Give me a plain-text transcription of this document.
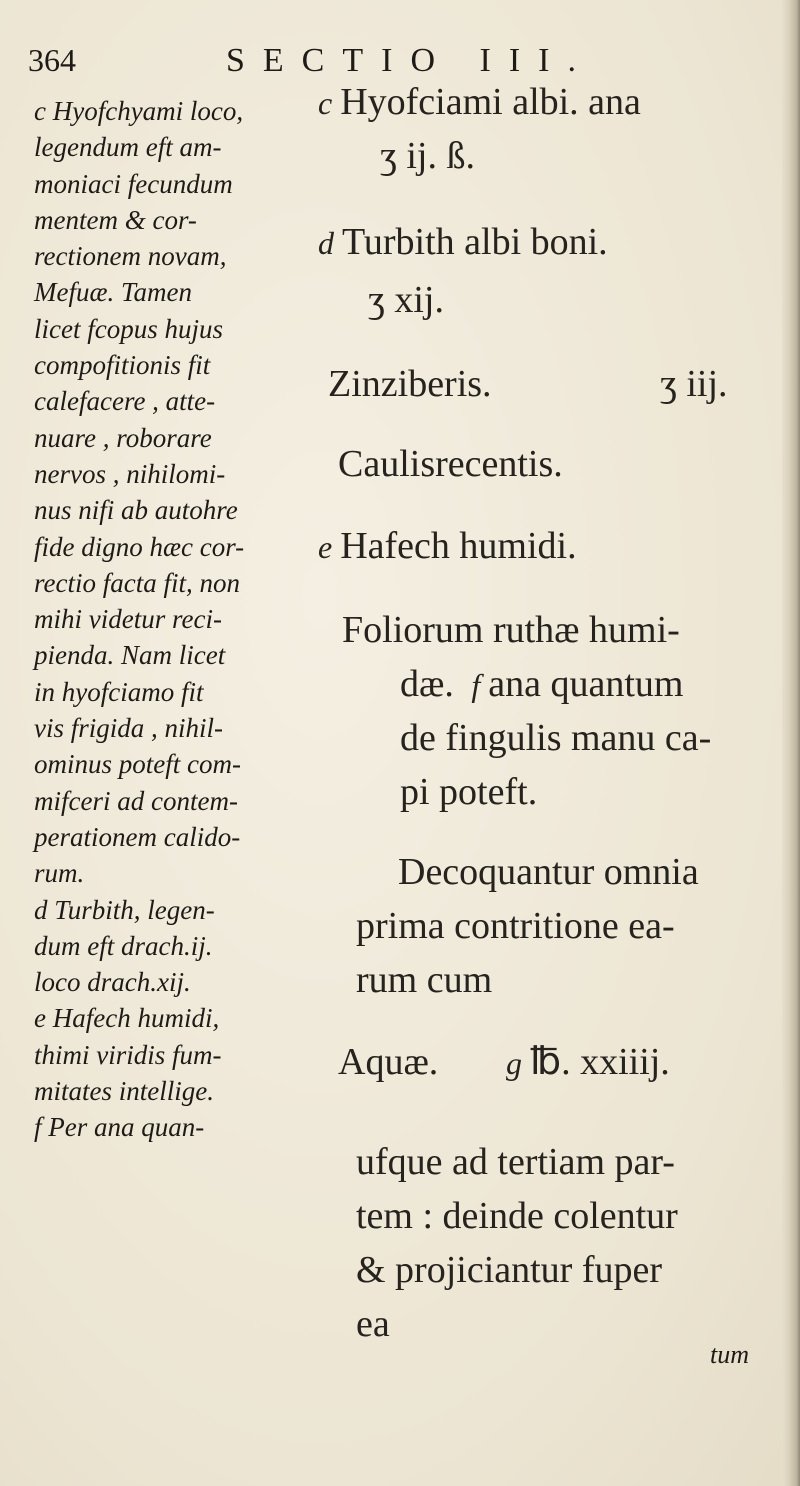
364	SECTIO III.
c Hyofchyami loco,
legendum eft am-
moniaci fecundum
mentem & cor-
rectionem novam,
Mefuæ. Tamen
licet fcopus hujus
compofitionis fit
calefacere , atte-
nuare , roborare
nervos , nihilomi-
nus nifi ab autohre
fide digno hæc cor-
rectio facta fit, non
mihi videtur reci-
pienda. Nam licet
in hyofciamo fit
vis frigida , nihil-
ominus poteft com-
mifceri ad contem-
perationem calido-
rum.
d Turbith, legen-
dum eft drach.ij.
loco drach.xij.
e Hafech humidi,
thimi viridis fum-
mitates intellige.
f Per ana quan-
c Hyofciami albi. ana
ʒ ij. ß.
d Turbith albi boni.
ʒ xij.
Zinziberis.	ʒ iij.
Caulisrecentis.
e Hafech humidi.
Foliorum ruthæ humi-
dæ. f ana quantum
de fingulis manu ca-
pi poteft.
Decoquantur omnia
prima contritione ea-
rum cum
Aquæ. g ℔. xxiiij.
ufque ad tertiam par-
tem : deinde colentur
& projiciantur fuper
ea
tum
